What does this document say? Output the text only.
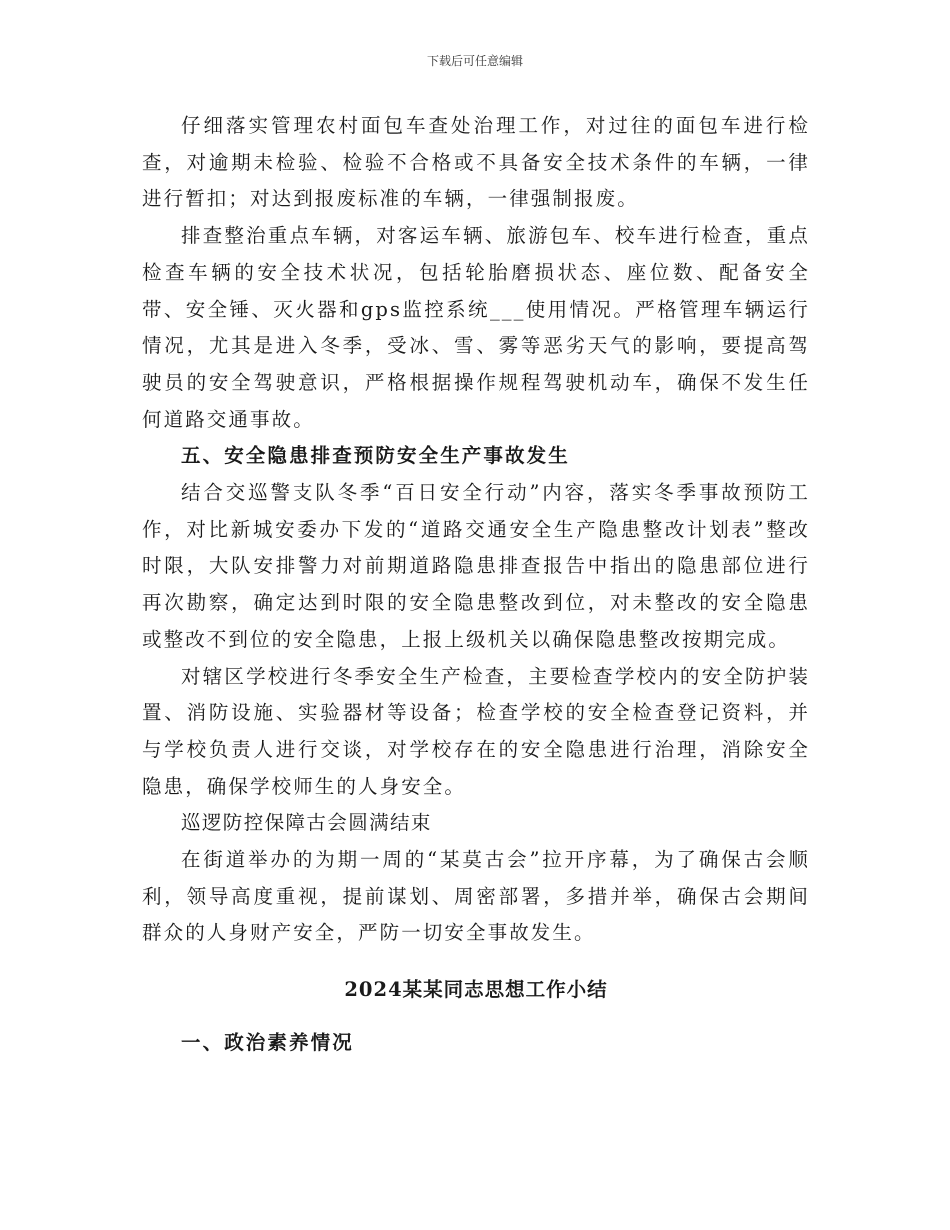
下载后可任意编辑

仔细落实管理农村面包车查处治理工作，对过往的面包车进行检查，对逾期未检验、检验不合格或不具备安全技术条件的车辆，一律进行暂扣；对达到报废标准的车辆，一律强制报废。

排查整治重点车辆，对客运车辆、旅游包车、校车进行检查，重点检查车辆的安全技术状况，包括轮胎磨损状态、座位数、配备安全带、安全锤、灭火器和gps监控系统___使用情况。严格管理车辆运行情况，尤其是进入冬季，受冰、雪、雾等恶劣天气的影响，要提高驾驶员的安全驾驶意识，严格根据操作规程驾驶机动车，确保不发生任何道路交通事故。

五、安全隐患排查预防安全生产事故发生

结合交巡警支队冬季“百日安全行动”内容，落实冬季事故预防工作，对比新城安委办下发的“道路交通安全生产隐患整改计划表”整改时限，大队安排警力对前期道路隐患排查报告中指出的隐患部位进行再次勘察，确定达到时限的安全隐患整改到位，对未整改的安全隐患或整改不到位的安全隐患，上报上级机关以确保隐患整改按期完成。

对辖区学校进行冬季安全生产检查，主要检查学校内的安全防护装置、消防设施、实验器材等设备；检查学校的安全检查登记资料，并与学校负责人进行交谈，对学校存在的安全隐患进行治理，消除安全隐患，确保学校师生的人身安全。

巡逻防控保障古会圆满结束

在街道举办的为期一周的“某莫古会”拉开序幕，为了确保古会顺利，领导高度重视，提前谋划、周密部署，多措并举，确保古会期间群众的人身财产安全，严防一切安全事故发生。

2024某某同志思想工作小结

一、政治素养情况
